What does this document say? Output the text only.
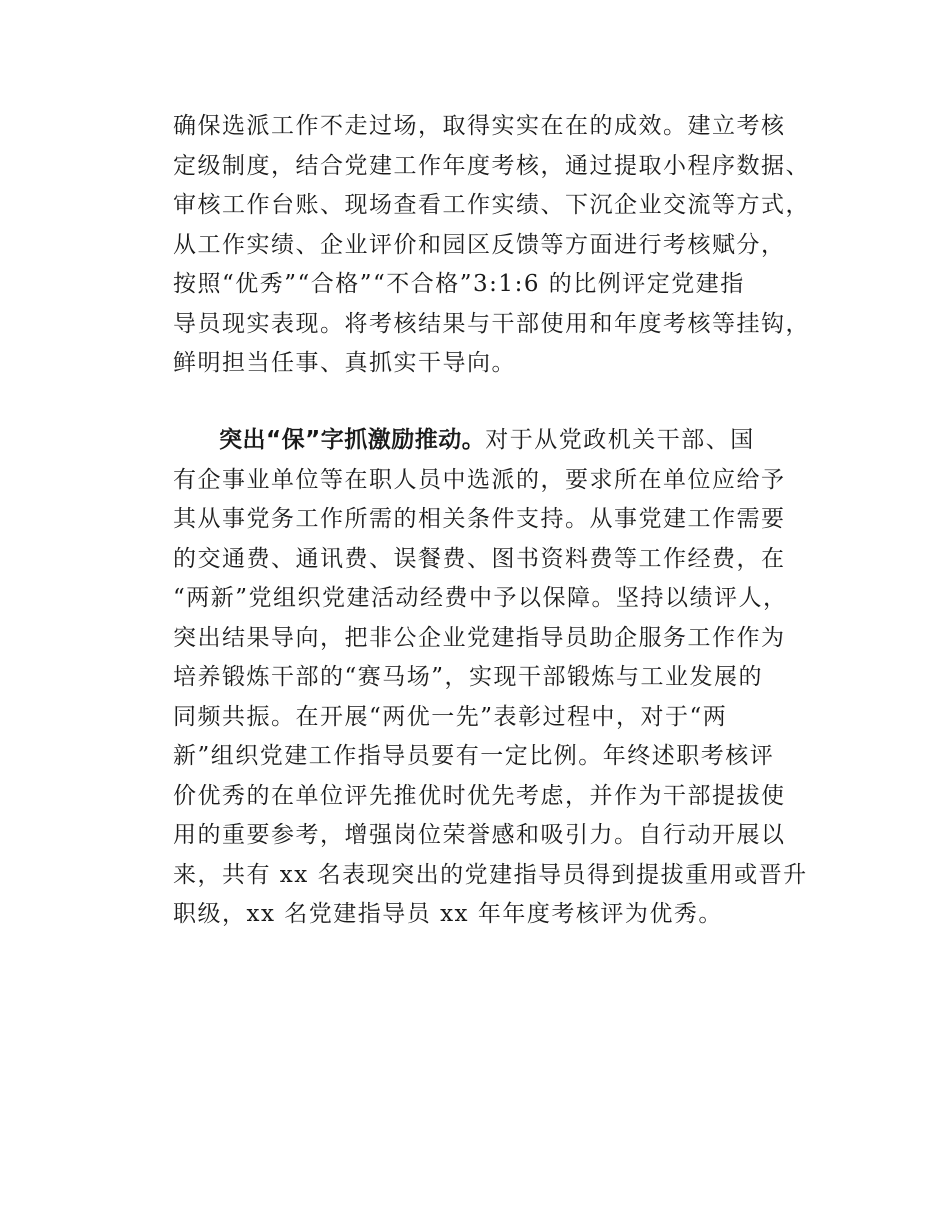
确保选派工作不走过场，取得实实在在的成效。建立考核
定级制度，结合党建工作年度考核，通过提取小程序数据、
审核工作台账、现场查看工作实绩、下沉企业交流等方式，
从工作实绩、企业评价和园区反馈等方面进行考核赋分，
按照“优秀”“合格”“不合格”3:1:6 的比例评定党建指
导员现实表现。将考核结果与干部使用和年度考核等挂钩，
鲜明担当任事、真抓实干导向。
突出“保”字抓激励推动。对于从党政机关干部、国
有企事业单位等在职人员中选派的，要求所在单位应给予
其从事党务工作所需的相关条件支持。从事党建工作需要
的交通费、通讯费、误餐费、图书资料费等工作经费，在
“两新”党组织党建活动经费中予以保障。坚持以绩评人，
突出结果导向，把非公企业党建指导员助企服务工作作为
培养锻炼干部的“赛马场”，实现干部锻炼与工业发展的
同频共振。在开展“两优一先”表彰过程中，对于“两
新”组织党建工作指导员要有一定比例。年终述职考核评
价优秀的在单位评先推优时优先考虑，并作为干部提拔使
用的重要参考，增强岗位荣誉感和吸引力。自行动开展以
来，共有 xx 名表现突出的党建指导员得到提拔重用或晋升
职级，xx 名党建指导员 xx 年年度考核评为优秀。
